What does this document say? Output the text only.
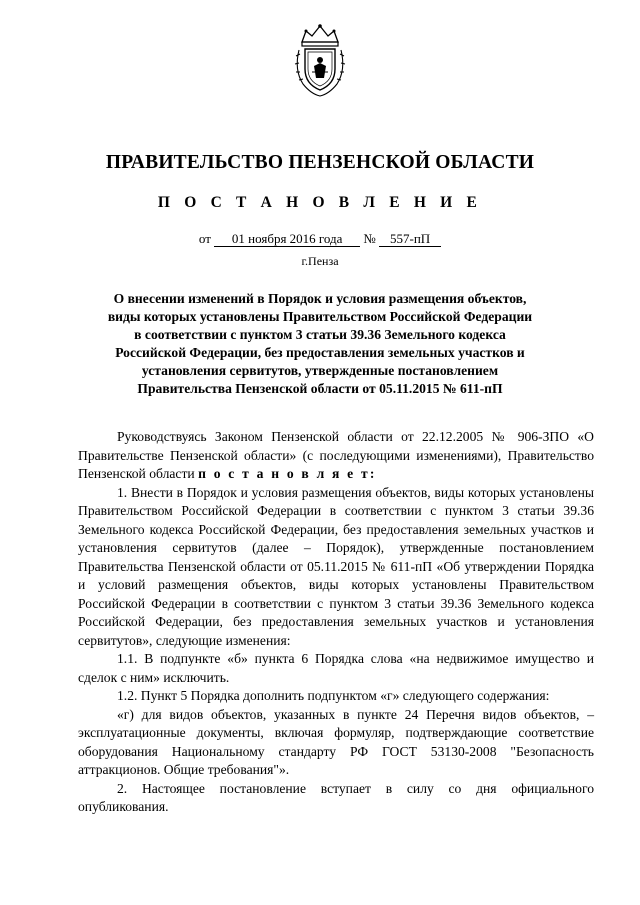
ПРАВИТЕЛЬСТВО ПЕНЗЕНСКОЙ ОБЛАСТИ
П О С Т А Н О В Л Е Н И Е
от 01 ноября 2016 года № 557-пП
г.Пенза
О внесении изменений в Порядок и условия размещения объектов,
виды которых установлены Правительством Российской Федерации
в соответствии с пунктом 3 статьи 39.36 Земельного кодекса
Российской Федерации, без предоставления земельных участков и
установления сервитутов, утвержденные постановлением
Правительства Пензенской области от 05.11.2015 № 611-пП

Руководствуясь Законом Пензенской области от 22.12.2005 № 906-ЗПО «О Правительстве Пензенской области» (с последующими изменениями), Правительство Пензенской области п о с т а н о в л я е т:

1. Внести в Порядок и условия размещения объектов, виды которых установлены Правительством Российской Федерации в соответствии с пунктом 3 статьи 39.36 Земельного кодекса Российской Федерации, без предоставления земельных участков и установления сервитутов (далее – Порядок), утвержденные постановлением Правительства Пензенской области от 05.11.2015 № 611-пП «Об утверждении Порядка и условий размещения объектов, виды которых установлены Правительством Российской Федерации в соответствии с пунктом 3 статьи 39.36 Земельного кодекса Российской Федерации, без предоставления земельных участков и установления сервитутов», следующие изменения:

1.1. В подпункте «б» пункта 6 Порядка слова «на недвижимое имущество и сделок с ним» исключить.

1.2. Пункт 5 Порядка дополнить подпунктом «г» следующего содержания:

«г) для видов объектов, указанных в пункте 24 Перечня видов объектов, – эксплуатационные документы, включая формуляр, подтверждающие соответствие оборудования Национальному стандарту РФ ГОСТ 53130-2008 "Безопасность аттракционов. Общие требования"».

2. Настоящее постановление вступает в силу со дня официального опубликования.
